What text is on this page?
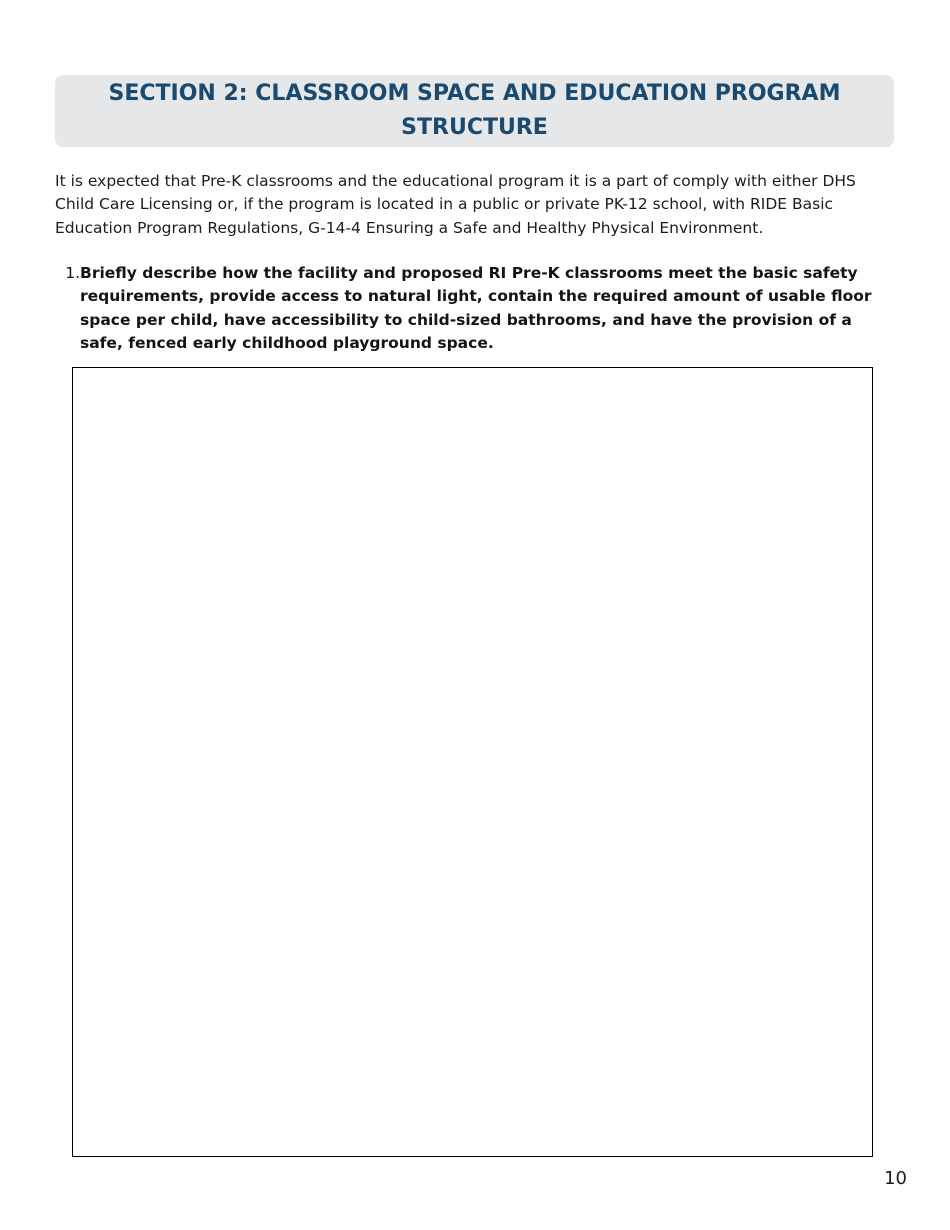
SECTION 2: CLASSROOM SPACE AND EDUCATION PROGRAM STRUCTURE

It is expected that Pre-K classrooms and the educational program it is a part of comply with either DHS Child Care Licensing or, if the program is located in a public or private PK-12 school, with RIDE Basic Education Program Regulations, G-14-4 Ensuring a Safe and Healthy Physical Environment.

1. Briefly describe how the facility and proposed RI Pre-K classrooms meet the basic safety requirements, provide access to natural light, contain the required amount of usable floor space per child, have accessibility to child-sized bathrooms, and have the provision of a safe, fenced early childhood playground space.

10
